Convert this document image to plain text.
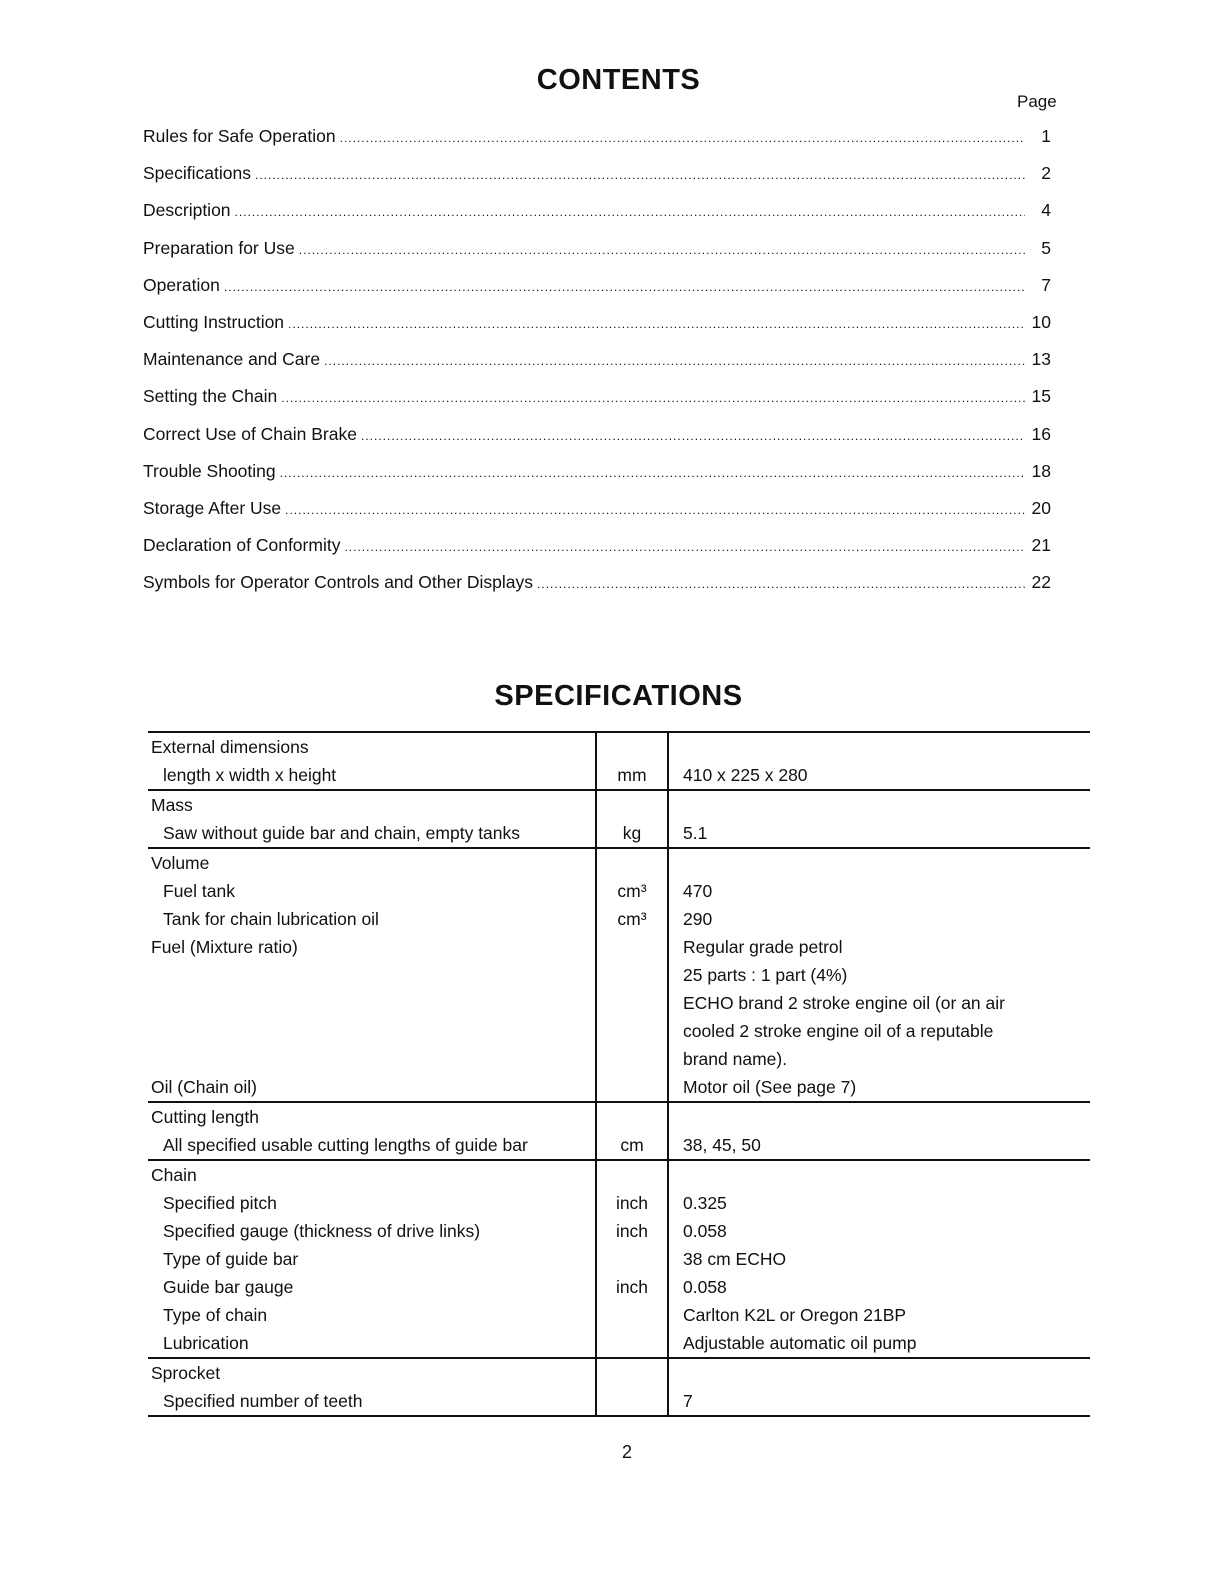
CONTENTS
Page
Rules for Safe Operation .....	1
Specifications .....	2
Description .....	4
Preparation for Use .....	5
Operation .....	7
Cutting Instruction .....	10
Maintenance and Care .....	13
Setting the Chain .....	15
Correct Use of Chain Brake .....	16
Trouble Shooting .....	18
Storage After Use .....	20
Declaration of Conformity .....	21
Symbols for Operator Controls and Other Displays .....	22
SPECIFICATIONS
External dimensions
length x width x height	mm	410 x 225 x 280
Mass
Saw without guide bar and chain, empty tanks	kg	5.1
Volume
Fuel tank	cm³	470
Tank for chain lubrication oil	cm³	290
Fuel (Mixture ratio)	Regular grade petrol
25 parts : 1 part (4%)
ECHO brand 2 stroke engine oil (or an air
cooled 2 stroke engine oil of a reputable
brand name).
Oil (Chain oil)	Motor oil (See page 7)
Cutting length
All specified usable cutting lengths of guide bar	cm	38, 45, 50
Chain
Specified pitch	inch	0.325
Specified gauge (thickness of drive links)	inch	0.058
Type of guide bar	38 cm ECHO
Guide bar gauge	inch	0.058
Type of chain	Carlton K2L or Oregon 21BP
Lubrication	Adjustable automatic oil pump
Sprocket
Specified number of teeth	7
2
